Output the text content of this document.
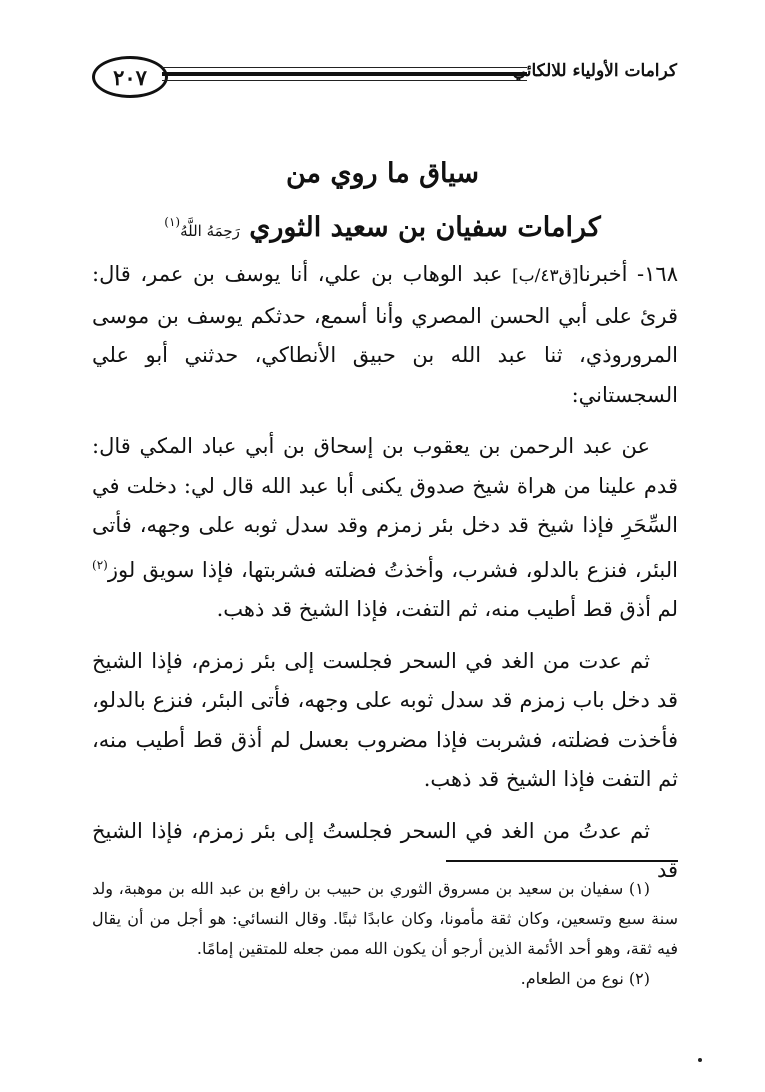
٢٠٧	كرامات الأولياء للالكائي
سياق ما روي من
كرامات سفيان بن سعيد الثوري رَحِمَهُ اللَّهُ$^{(١)}$

١٦٨- أخبرنا[ق٤٣/ب] عبد الوهاب بن علي، أنا يوسف بن عمر، قال: قرئ على أبي الحسن المصري وأنا أسمع، حدثكم يوسف بن موسى المروروذي، ثنا عبد الله بن حبيق الأنطاكي، حدثني أبو علي السجستاني:

عن عبد الرحمن بن يعقوب بن إسحاق بن أبي عباد المكي قال: قدم علينا من هراة شيخ صدوق يكنى أبا عبد الله قال لي: دخلت في السِّحَرِ فإذا شيخ قد دخل بئر زمزم وقد سدل ثوبه على وجهه، فأتى البئر، فنزع بالدلو، فشرب، وأخذتُ فضلته فشربتها، فإذا سويق لوز$^{(٢)}$ لم أذق قط أطيب منه، ثم التفت، فإذا الشيخ قد ذهب.

ثم عدت من الغد في السحر فجلست إلى بئر زمزم، فإذا الشيخ قد دخل باب زمزم قد سدل ثوبه على وجهه، فأتى البئر، فنزع بالدلو، فأخذت فضلته، فشربت فإذا مضروب بعسل لم أذق قط أطيب منه، ثم التفت فإذا الشيخ قد ذهب.

ثم عدتُ من الغد في السحر فجلستُ إلى بئر زمزم، فإذا الشيخ قد

(١) سفيان بن سعيد بن مسروق الثوري بن حبيب بن رافع بن عبد الله بن موهبة، ولد سنة سبع وتسعين، وكان ثقة مأمونا، وكان عابدًا ثبتًا. وقال النسائي: هو أجل من أن يقال فيه ثقة، وهو أحد الأئمة الذين أرجو أن يكون الله ممن جعله للمتقين إمامًا.

(٢) نوع من الطعام.
